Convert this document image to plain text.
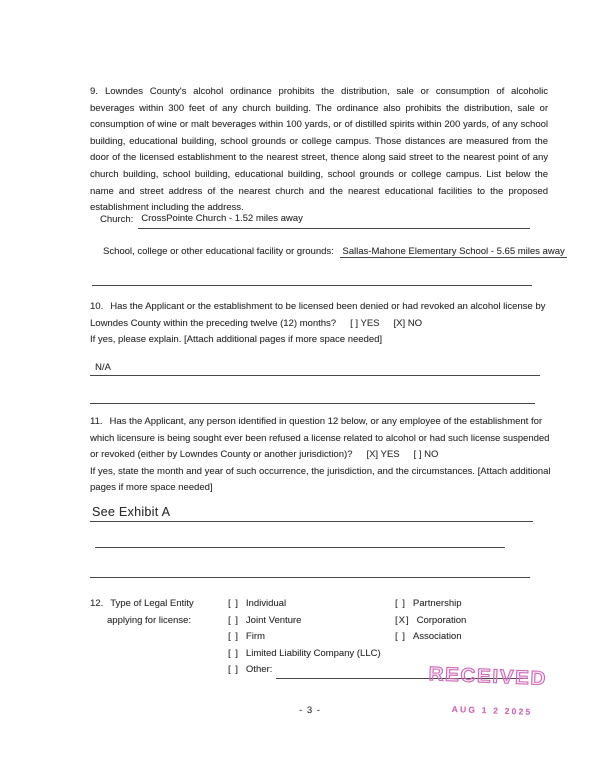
9. Lowndes County's alcohol ordinance prohibits the distribution, sale or consumption of alcoholic beverages within 300 feet of any church building. The ordinance also prohibits the distribution, sale or consumption of wine or malt beverages within 100 yards, or of distilled spirits within 200 yards, of any school building, educational building, school grounds or college campus. Those distances are measured from the door of the licensed establishment to the nearest street, thence along said street to the nearest point of any church building, school building, educational building, school grounds or college campus. List below the name and street address of the nearest church and the nearest educational facilities to the proposed establishment including the address.
Church: CrossPointe Church - 1.52 miles away
School, college or other educational facility or grounds: Sallas-Mahone Elementary School - 5.65 miles away
10. Has the Applicant or the establishment to be licensed been denied or had revoked an alcohol license by Lowndes County within the preceding twelve (12) months? [ ] YES [X] NO
If yes, please explain. [Attach additional pages if more space needed]
N/A
11. Has the Applicant, any person identified in question 12 below, or any employee of the establishment for which licensure is being sought ever been refused a license related to alcohol or had such license suspended or revoked (either by Lowndes County or another jurisdiction)? [X] YES [ ] NO
If yes, state the month and year of such occurrence, the jurisdiction, and the circumstances. [Attach additional pages if more space needed]
See Exhibit A
12. Type of Legal Entity
applying for license:
[ ] Individual
[ ] Joint Venture
[ ] Firm
[ ] Limited Liability Company (LLC)
[ ] Other:
[ ] Partnership
[X] Corporation
[ ] Association
RECEIVED
AUG 1 2 2025
- 3 -
